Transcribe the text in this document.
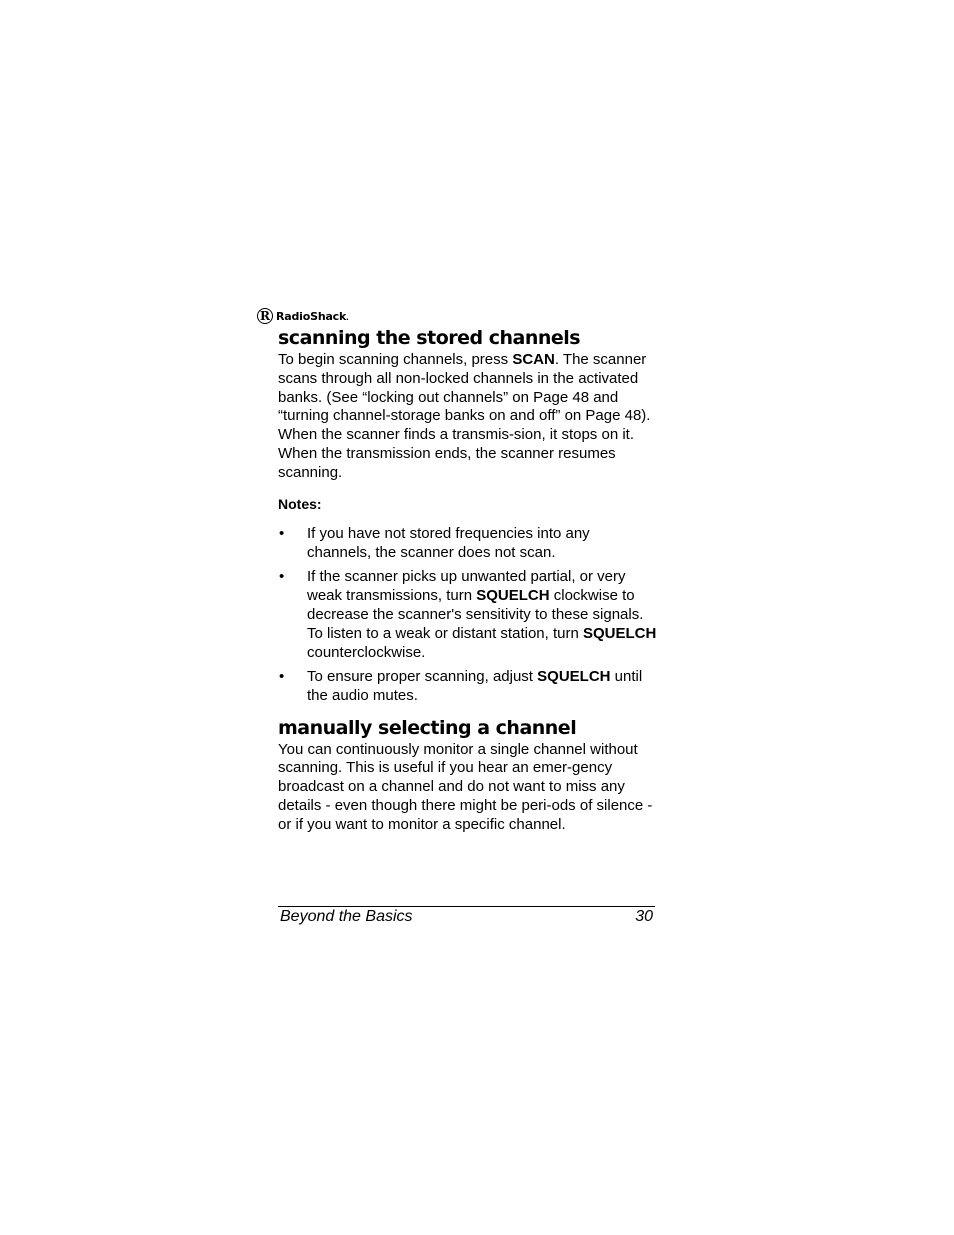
R RadioShack.
scanning the stored channels

To begin scanning channels, press SCAN. The scanner scans through all non-locked channels in the activated banks. (See “locking out channels” on Page 48 and “turning channel-storage banks on and off” on Page 48). When the scanner finds a transmis-sion, it stops on it. When the transmission ends, the scanner resumes scanning.

Notes:
• If you have not stored frequencies into any channels, the scanner does not scan.
• If the scanner picks up unwanted partial, or very weak transmissions, turn SQUELCH clockwise to decrease the scanner's sensitivity to these signals. To listen to a weak or distant station, turn SQUELCH counterclockwise.
• To ensure proper scanning, adjust SQUELCH until the audio mutes.
manually selecting a channel

You can continuously monitor a single channel without scanning. This is useful if you hear an emer-gency broadcast on a channel and do not want to miss any details - even though there might be peri-ods of silence - or if you want to monitor a specific channel.

Beyond the Basics	30
